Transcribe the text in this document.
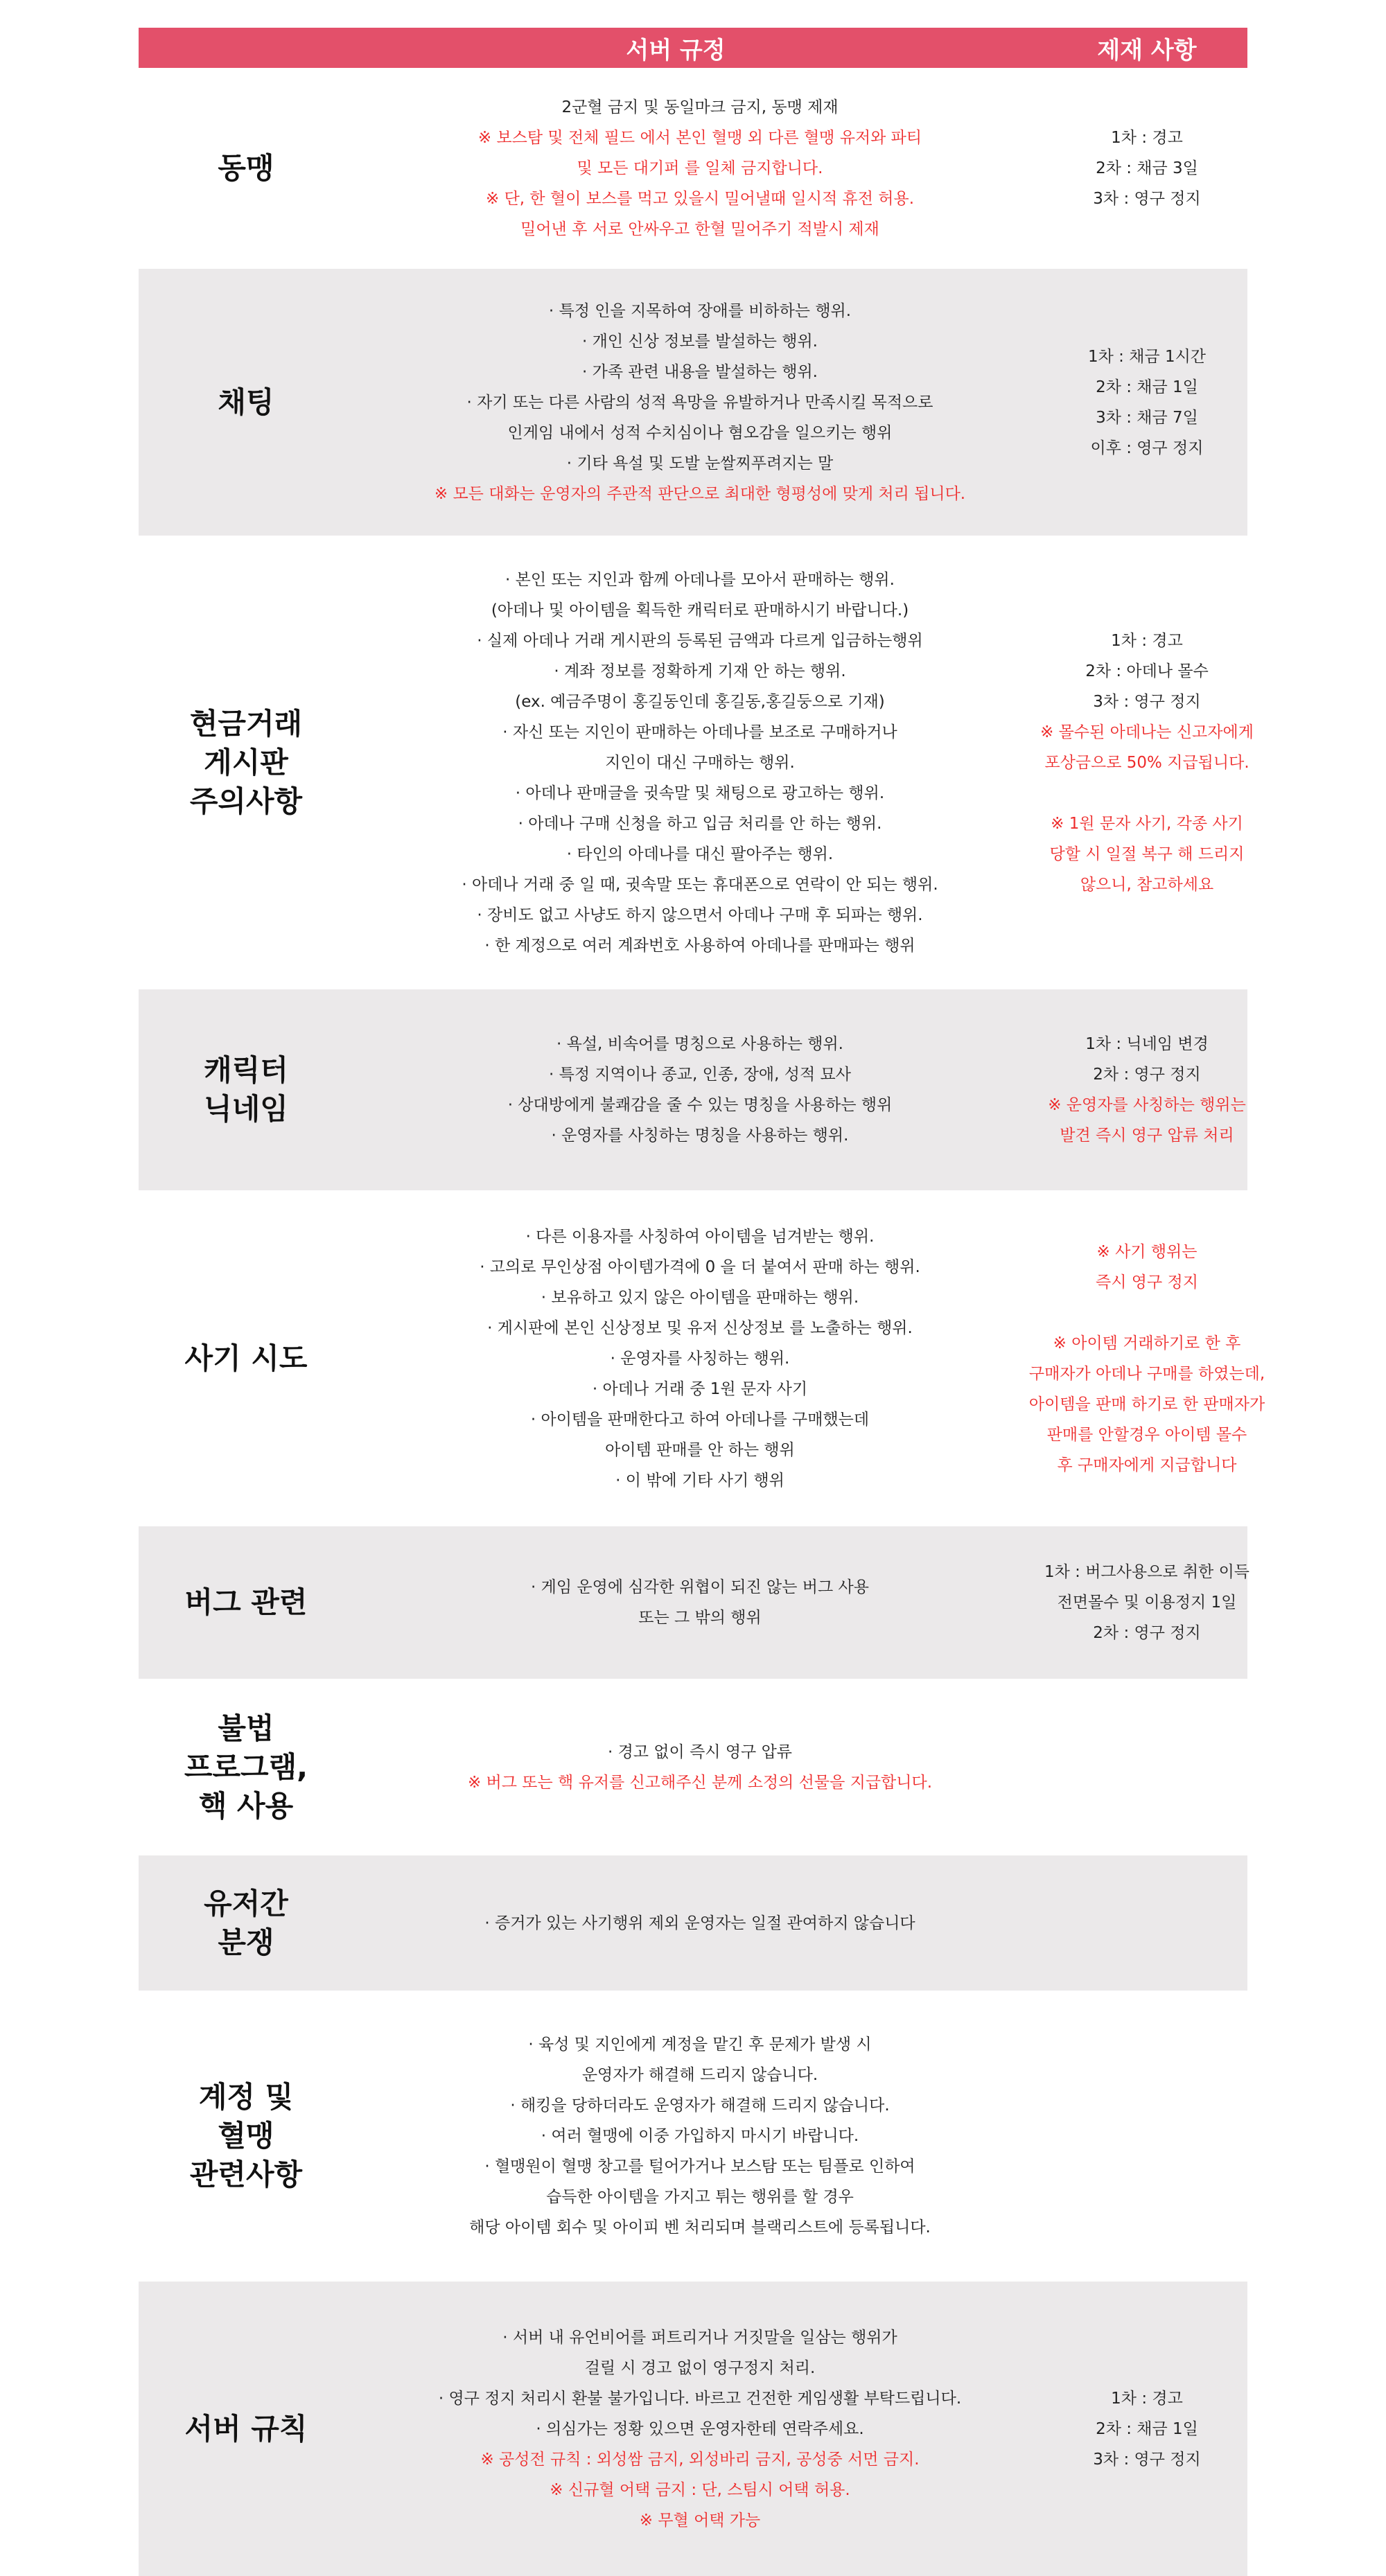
서버 규정	제재 사항
동맹
2군혈 금지 및 동일마크 금지, 동맹 제재
※ 보스탐 및 전체 필드 에서 본인 혈맹 외 다른 혈맹 유저와 파티
및 모든 대기퍼 를 일체 금지합니다.
※ 단, 한 혈이 보스를 먹고 있을시 밀어낼때 일시적 휴전 허용.
밀어낸 후 서로 안싸우고 한혈 밀어주기 적발시 제재
1차 : 경고
2차 : 채금 3일
3차 : 영구 정지
채팅
· 특정 인을 지목하여 장애를 비하하는 행위.
· 개인 신상 정보를 발설하는 행위.
· 가족 관련 내용을 발설하는 행위.
· 자기 또는 다른 사람의 성적 욕망을 유발하거나 만족시킬 목적으로
인게임 내에서 성적 수치심이나 혐오감을 일으키는 행위
· 기타 욕설 및 도발 눈쌀찌푸려지는 말
※ 모든 대화는 운영자의 주관적 판단으로 최대한 형평성에 맞게 처리 됩니다.
1차 : 채금 1시간
2차 : 채금 1일
3차 : 채금 7일
이후 : 영구 정지
현금거래
게시판
주의사항
· 본인 또는 지인과 함께 아데나를 모아서 판매하는 행위.
(아데나 및 아이템을 획득한 캐릭터로 판매하시기 바랍니다.)
· 실제 아데나 거래 게시판의 등록된 금액과 다르게 입금하는행위
· 계좌 정보를 정확하게 기재 안 하는 행위.
(ex. 예금주명이 홍길동인데 홍길동,홍길둥으로 기재)
· 자신 또는 지인이 판매하는 아데나를 보조로 구매하거나
지인이 대신 구매하는 행위.
· 아데나 판매글을 귓속말 및 채팅으로 광고하는 행위.
· 아데나 구매 신청을 하고 입금 처리를 안 하는 행위.
· 타인의 아데나를 대신 팔아주는 행위.
· 아데나 거래 중 일 때, 귓속말 또는 휴대폰으로 연락이 안 되는 행위.
· 장비도 없고 사냥도 하지 않으면서 아데나 구매 후 되파는 행위.
· 한 계정으로 여러 계좌번호 사용하여 아데나를 판매파는 행위
1차 : 경고
2차 : 아데나 몰수
3차 : 영구 정지
※ 몰수된 아데나는 신고자에게
포상금으로 50% 지급됩니다.
※ 1원 문자 사기, 각종 사기
당할 시 일절 복구 해 드리지
않으니, 참고하세요
캐릭터
닉네임
· 욕설, 비속어를 명칭으로 사용하는 행위.
· 특정 지역이나 종교, 인종, 장애, 성적 묘사
· 상대방에게 불쾌감을 줄 수 있는 명칭을 사용하는 행위
· 운영자를 사칭하는 명칭을 사용하는 행위.
1차 : 닉네임 변경
2차 : 영구 정지
※ 운영자를 사칭하는 행위는
발견 즉시 영구 압류 처리
사기 시도
· 다른 이용자를 사칭하여 아이템을 넘겨받는 행위.
· 고의로 무인상점 아이템가격에 0 을 더 붙여서 판매 하는 행위.
· 보유하고 있지 않은 아이템을 판매하는 행위.
· 게시판에 본인 신상정보 및 유저 신상정보 를 노출하는 행위.
· 운영자를 사칭하는 행위.
· 아데나 거래 중 1원 문자 사기
· 아이템을 판매한다고 하여 아데나를 구매했는데
아이템 판매를 안 하는 행위
· 이 밖에 기타 사기 행위
※ 사기 행위는
즉시 영구 정지
※ 아이템 거래하기로 한 후
구매자가 아데나 구매를 하였는데,
아이템을 판매 하기로 한 판매자가
판매를 안할경우 아이템 몰수
후 구매자에게 지급합니다
버그 관련	· 게임 운영에 심각한 위협이 되진 않는 버그 사용
또는 그 밖의 행위
1차 : 버그사용으로 취한 이득
전면몰수 및 이용정지 1일
2차 : 영구 정지
불법
프로그램,
핵 사용
· 경고 없이 즉시 영구 압류
※ 버그 또는 핵 유저를 신고해주신 분께 소정의 선물을 지급합니다.
유저간
분쟁
· 증거가 있는 사기행위 제외 운영자는 일절 관여하지 않습니다
계정 및
혈맹
관련사항
· 육성 및 지인에게 계정을 맡긴 후 문제가 발생 시
운영자가 해결해 드리지 않습니다.
· 해킹을 당하더라도 운영자가 해결해 드리지 않습니다.
· 여러 혈맹에 이중 가입하지 마시기 바랍니다.
· 혈맹원이 혈맹 창고를 털어가거나 보스탐 또는 팀플로 인하여
습득한 아이템을 가지고 튀는 행위를 할 경우
해당 아이템 회수 및 아이피 벤 처리되며 블랙리스트에 등록됩니다.
서버 규칙
· 서버 내 유언비어를 퍼트리거나 거짓말을 일삼는 행위가
걸릴 시 경고 없이 영구정지 처리.
· 영구 정지 처리시 환불 불가입니다. 바르고 건전한 게임생활 부탁드립니다.
· 의심가는 정황 있으면 운영자한테 연락주세요.
※ 공성전 규칙 : 외성쌈 금지, 외성바리 금지, 공성중 서먼 금지.
※ 신규혈 어택 금지 : 단, 스팀시 어택 허용.
※ 무혈 어택 가능
1차 : 경고
2차 : 채금 1일
3차 : 영구 정지
